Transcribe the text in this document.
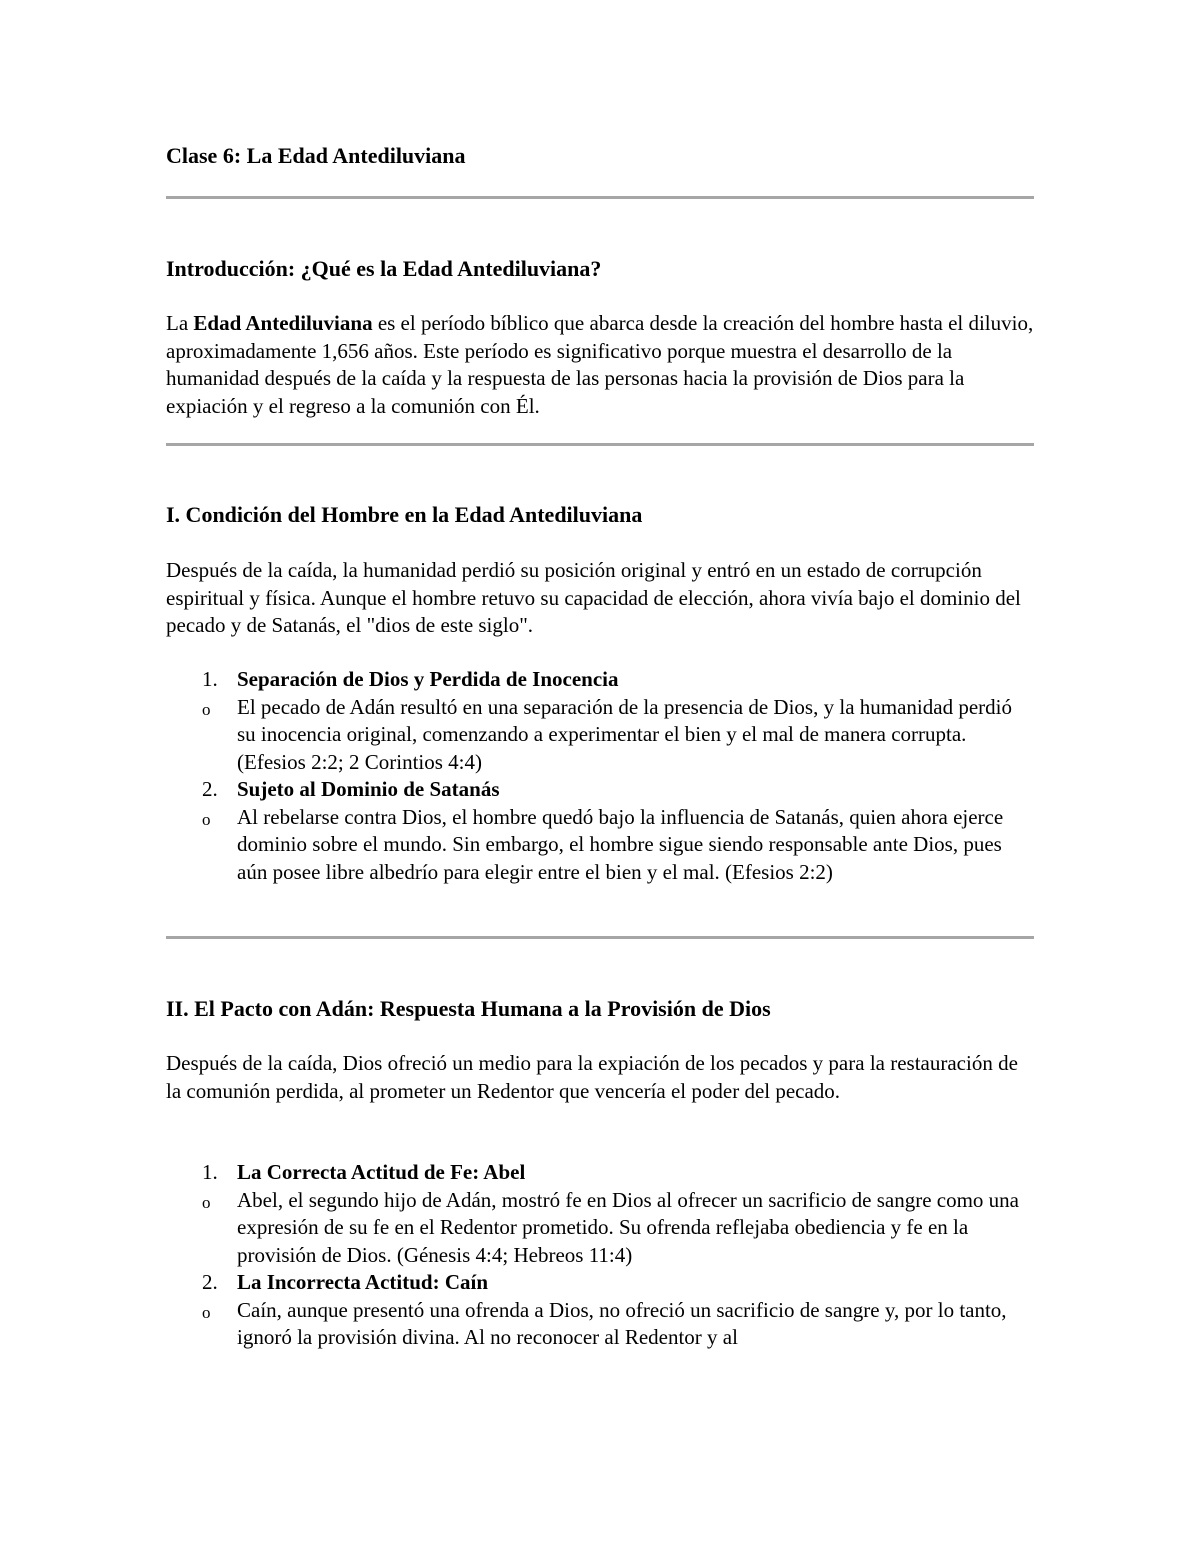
Clase 6: La Edad Antediluviana
Introducción: ¿Qué es la Edad Antediluviana?

La Edad Antediluviana es el período bíblico que abarca desde la creación del hombre hasta el diluvio, aproximadamente 1,656 años. Este período es significativo porque muestra el desarrollo de la humanidad después de la caída y la respuesta de las personas hacia la provisión de Dios para la expiación y el regreso a la comunión con Él.

I. Condición del Hombre en la Edad Antediluviana

Después de la caída, la humanidad perdió su posición original y entró en un estado de corrupción espiritual y física. Aunque el hombre retuvo su capacidad de elección, ahora vivía bajo el dominio del pecado y de Satanás, el "dios de este siglo".

1. Separación de Dios y Perdida de Inocencia
o El pecado de Adán resultó en una separación de la presencia de Dios, y la humanidad perdió su inocencia original, comenzando a experimentar el bien y el mal de manera corrupta. (Efesios 2:2; 2 Corintios 4:4)
2. Sujeto al Dominio de Satanás
o Al rebelarse contra Dios, el hombre quedó bajo la influencia de Satanás, quien ahora ejerce dominio sobre el mundo. Sin embargo, el hombre sigue siendo responsable ante Dios, pues aún posee libre albedrío para elegir entre el bien y el mal. (Efesios 2:2)
II. El Pacto con Adán: Respuesta Humana a la Provisión de Dios

Después de la caída, Dios ofreció un medio para la expiación de los pecados y para la restauración de la comunión perdida, al prometer un Redentor que vencería el poder del pecado.

1. La Correcta Actitud de Fe: Abel
o Abel, el segundo hijo de Adán, mostró fe en Dios al ofrecer un sacrificio de sangre como una expresión de su fe en el Redentor prometido. Su ofrenda reflejaba obediencia y fe en la provisión de Dios. (Génesis 4:4; Hebreos 11:4)
2. La Incorrecta Actitud: Caín
o Caín, aunque presentó una ofrenda a Dios, no ofreció un sacrificio de sangre y, por lo tanto, ignoró la provisión divina. Al no reconocer al Redentor y al
